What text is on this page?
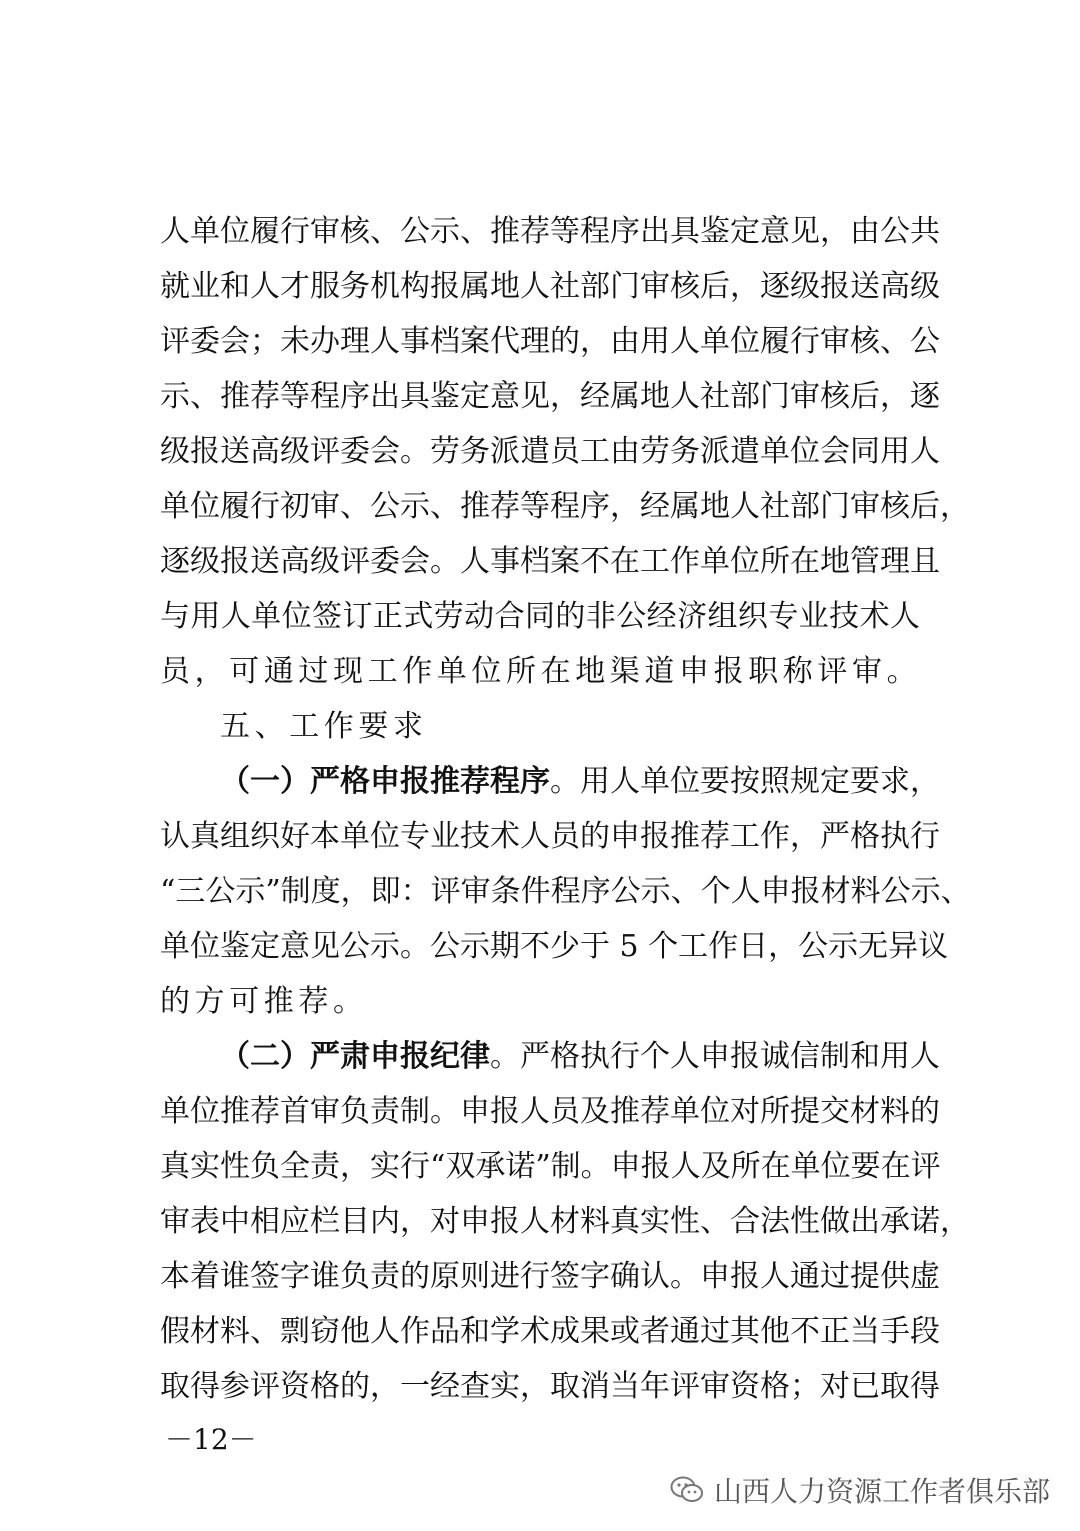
人单位履行审核、公示、推荐等程序出具鉴定意见，由公共
就业和人才服务机构报属地人社部门审核后，逐级报送高级
评委会；未办理人事档案代理的，由用人单位履行审核、公
示、推荐等程序出具鉴定意见，经属地人社部门审核后，逐
级报送高级评委会。劳务派遣员工由劳务派遣单位会同用人
单位履行初审、公示、推荐等程序，经属地人社部门审核后，
逐级报送高级评委会。人事档案不在工作单位所在地管理且
与用人单位签订正式劳动合同的非公经济组织专业技术人
员，可通过现工作单位所在地渠道申报职称评审。
五、工作要求
（一）严格申报推荐程序。用人单位要按照规定要求，
认真组织好本单位专业技术人员的申报推荐工作，严格执行
“三公示”制度，即：评审条件程序公示、个人申报材料公示、
单位鉴定意见公示。公示期不少于 5 个工作日，公示无异议
的方可推荐。
（二）严肃申报纪律。严格执行个人申报诚信制和用人
单位推荐首审负责制。申报人员及推荐单位对所提交材料的
真实性负全责，实行“双承诺”制。申报人及所在单位要在评
审表中相应栏目内，对申报人材料真实性、合法性做出承诺，
本着谁签字谁负责的原则进行签字确认。申报人通过提供虚
假材料、剽窃他人作品和学术成果或者通过其他不正当手段
取得参评资格的，一经查实，取消当年评审资格；对已取得
－12－
山西人力资源工作者俱乐部
